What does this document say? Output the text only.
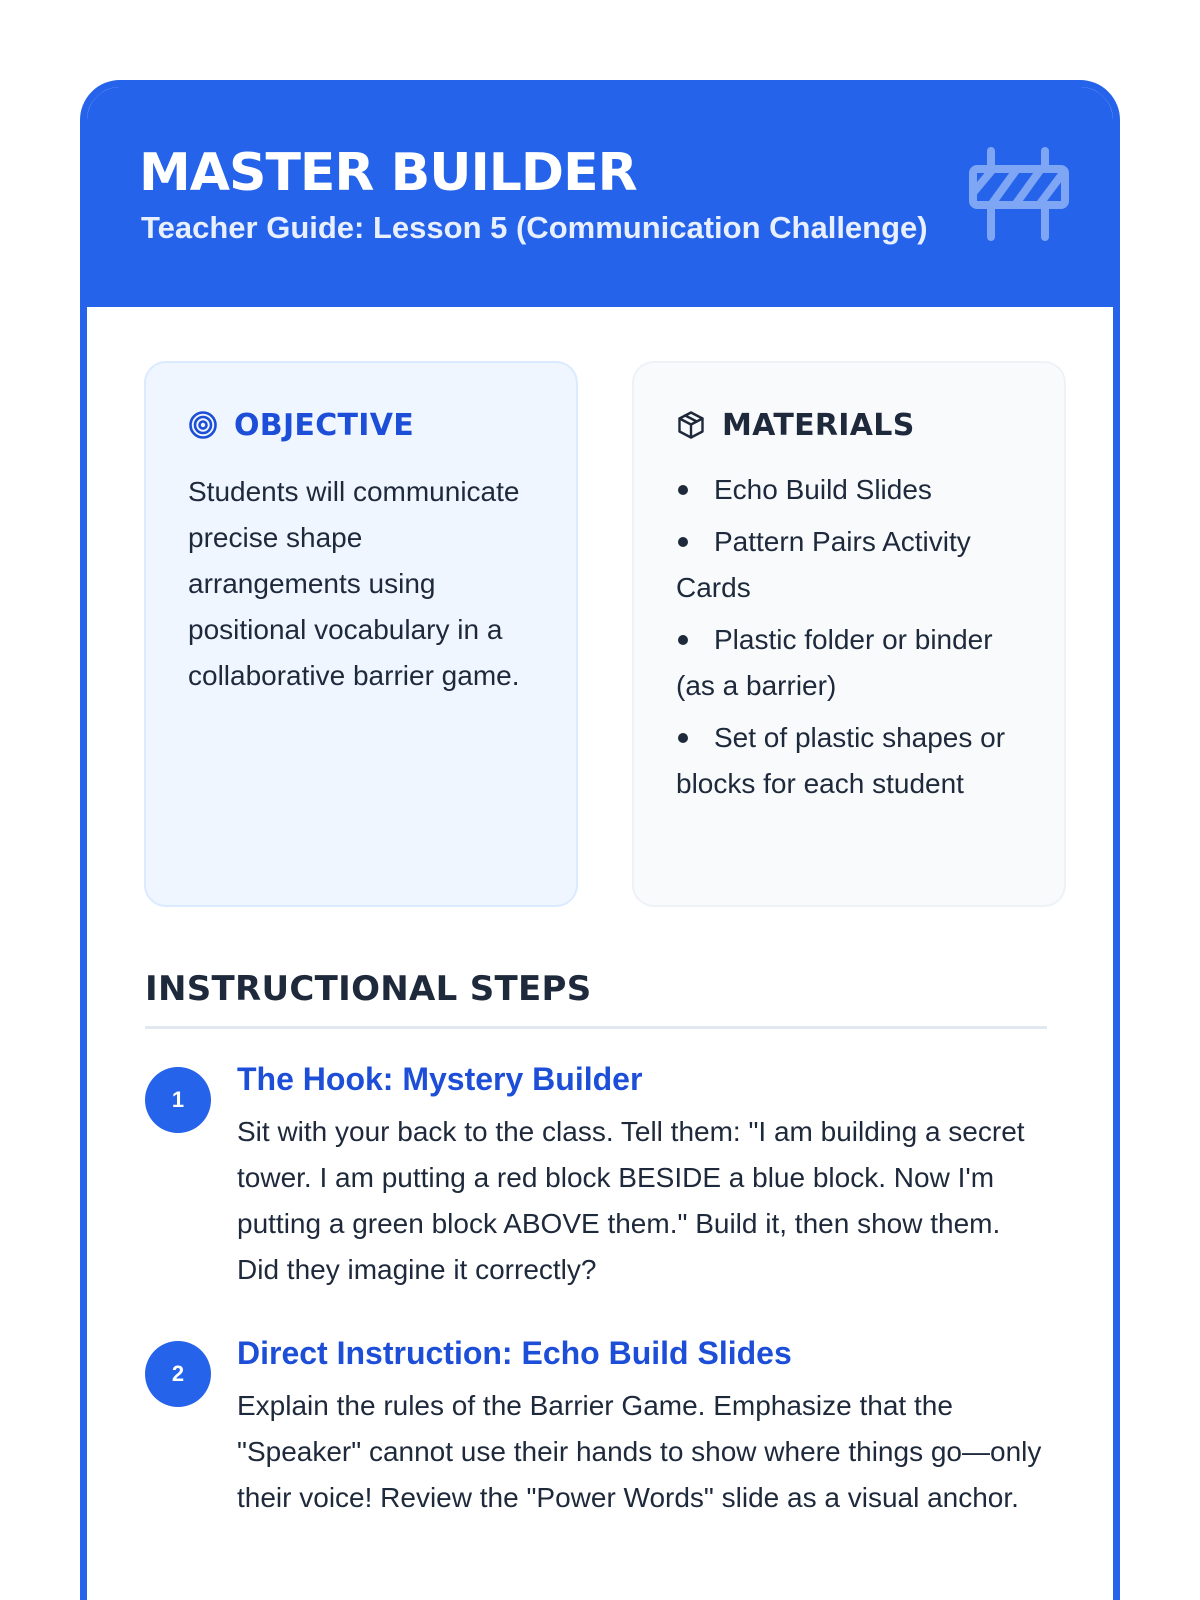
MASTER BUILDER
Teacher Guide: Lesson 5 (Communication Challenge)
OBJECTIVE

Students will communicate precise shape arrangements using positional vocabulary in a collaborative barrier game.

MATERIALS
Echo Build Slides
Pattern Pairs Activity Cards
Plastic folder or binder (as a barrier)
Set of plastic shapes or blocks for each student
INSTRUCTIONAL STEPS
1
The Hook: Mystery Builder

Sit with your back to the class. Tell them: "I am building a secret tower. I am putting a red block BESIDE a blue block. Now I'm putting a green block ABOVE them." Build it, then show them. Did they imagine it correctly?

2
Direct Instruction: Echo Build Slides

Explain the rules of the Barrier Game. Emphasize that the "Speaker" cannot use their hands to show where things go—only their voice! Review the "Power Words" slide as a visual anchor.
